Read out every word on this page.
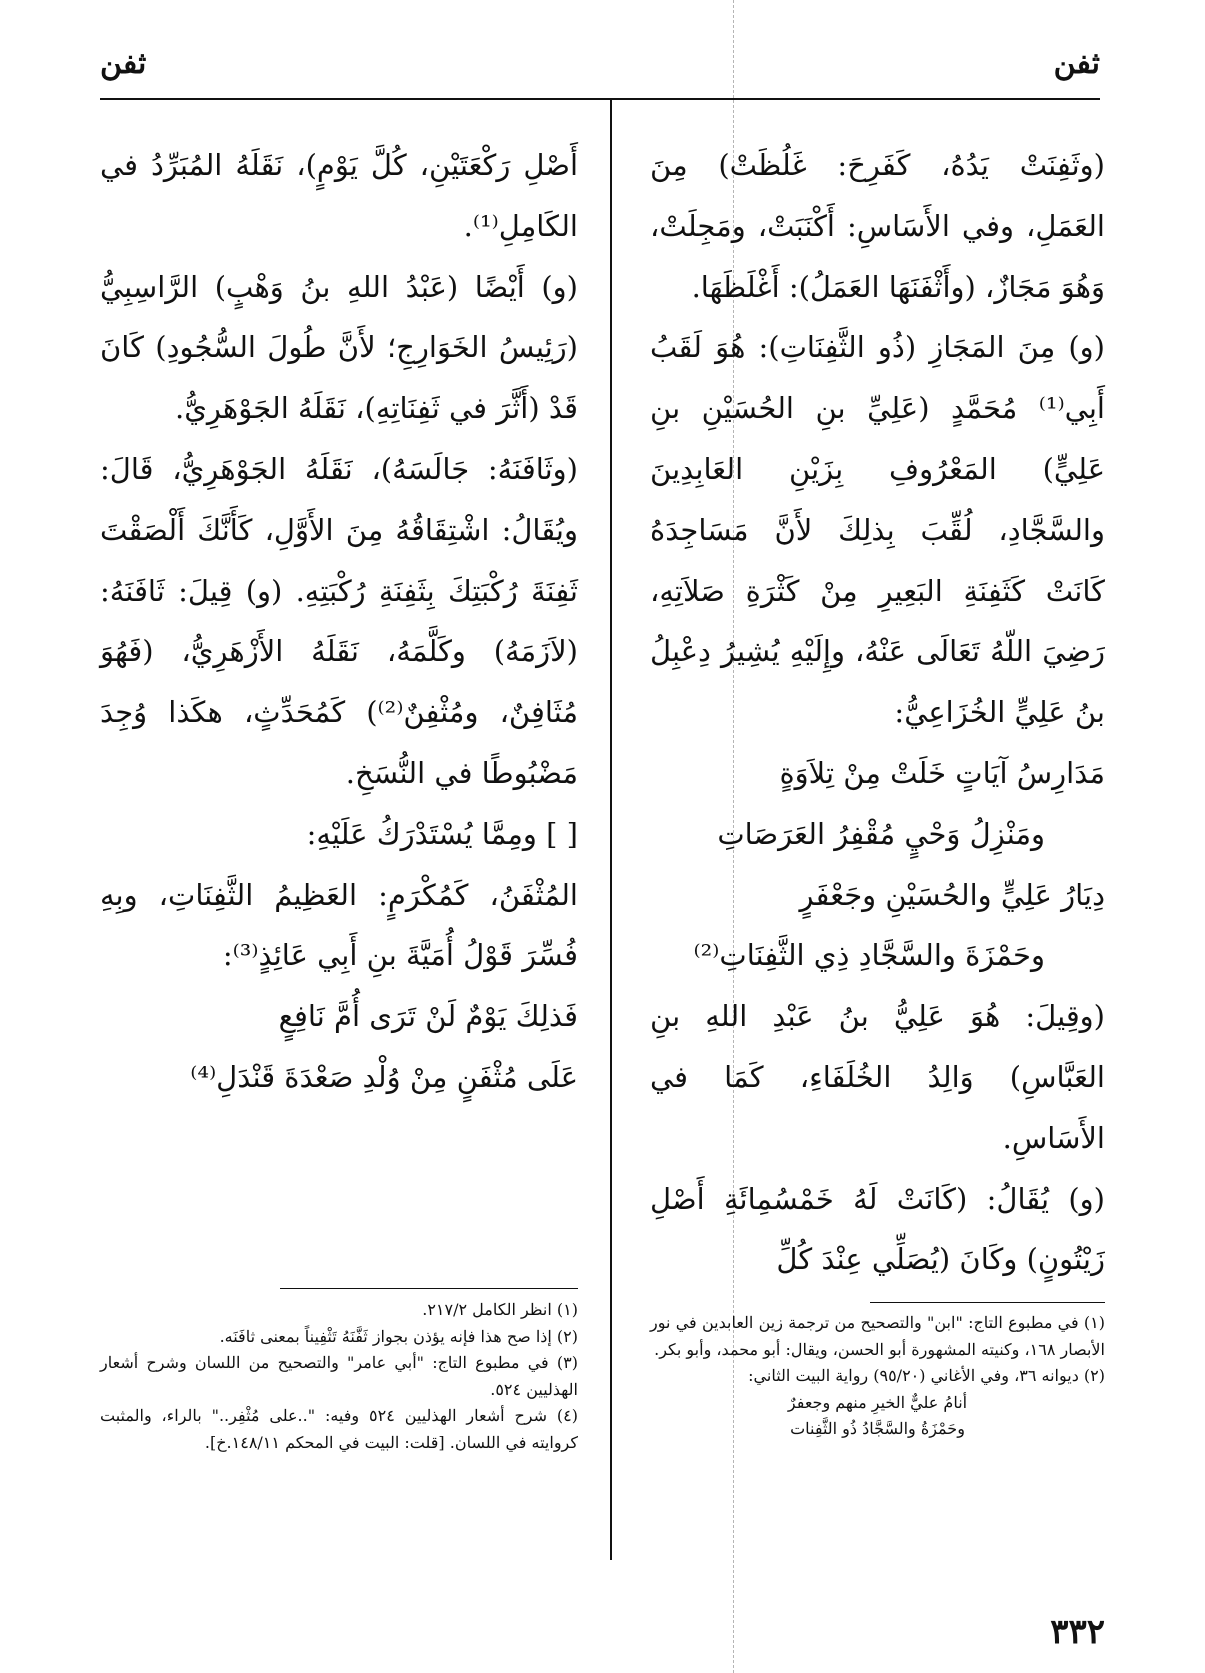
ثفن
ثفن

(وثَفِنَتْ يَدُهُ، كَفَرِحَ: غَلُظَتْ) مِنَ العَمَلِ، وفي الأَسَاسِ: أَكْنَبَتْ، ومَجِلَتْ، وَهُوَ مَجَازٌ، (وأَثْفَنَهَا العَمَلُ): أَغْلَظَهَا.

(و) مِنَ المَجَازِ (ذُو الثَّفِنَاتِ): هُوَ لَقَبُ أَبِي⁽¹⁾ مُحَمَّدٍ (عَلِيِّ بنِ الحُسَيْنِ بنِ عَلِيٍّ) المَعْرُوفِ بِزَيْنِ العَابِدِينَ والسَّجَّادِ، لُقِّبَ بِذلِكَ لأَنَّ مَسَاجِدَهُ كَانَتْ كَثَفِنَةِ البَعِيرِ مِنْ كَثْرَةِ صَلاَتِهِ، رَضِيَ اللّهُ تَعَالَى عَنْهُ، وإِلَيْهِ يُشِيرُ دِعْبِلُ بنُ عَلِيٍّ الخُزَاعِيُّ:

مَدَارِسُ آيَاتٍ خَلَتْ مِنْ تِلاَوَةٍ

ومَنْزِلُ وَحْيٍ مُقْفِرُ العَرَصَاتِ

دِيَارُ عَلِيٍّ والحُسَيْنِ وجَعْفَرٍ

وحَمْزَةَ والسَّجَّادِ ذِي الثَّفِنَاتِ⁽²⁾

(وقِيلَ: هُوَ عَلِيُّ بنُ عَبْدِ اللهِ بنِ العَبَّاسِ) وَالِدُ الخُلَفَاءِ، كَمَا في الأَسَاسِ.

(و) يُقَالُ: (كَانَتْ لَهُ خَمْسُمِائَةِ أَصْلِ زَيْتُونٍ) وكَانَ (يُصَلِّي عِنْدَ كُلِّ

أَصْلِ رَكْعَتَيْنِ، كُلَّ يَوْمٍ)، نَقَلَهُ المُبَرِّدُ في الكَامِلِ⁽¹⁾.

(و) أَيْضًا (عَبْدُ اللهِ بنُ وَهْبٍ) الرَّاسِبِيُّ (رَئِيسُ الخَوَارِجِ؛ لأَنَّ طُولَ السُّجُودِ) كَانَ قَدْ (أَثَّرَ في ثَفِنَاتِهِ)، نَقَلَهُ الجَوْهَرِيُّ.

(وثَافَنَهُ: جَالَسَهُ)، نَقَلَهُ الجَوْهَرِيُّ، قَالَ: ويُقَالُ: اشْتِقَاقُهُ مِنَ الأَوَّلِ، كَأَنَّكَ أَلْصَقْتَ ثَفِنَةَ رُكْبَتِكَ بِثَفِنَةِ رُكْبَتِهِ. (و) قِيلَ: ثَافَنَهُ: (لاَزَمَهُ) وكَلَّمَهُ، نَقَلَهُ الأَزْهَرِيُّ، (فَهُوَ مُثَافِنٌ، ومُثْفِنٌ⁽²⁾) كَمُحَدِّثٍ، هكَذا وُجِدَ مَضْبُوطًا في النُّسَخِ.

[ ] ومِمَّا يُسْتَدْرَكُ عَلَيْهِ:

المُثْفَنُ، كَمُكْرَمٍ: العَظِيمُ الثَّفِنَاتِ، وبِهِ فُسِّرَ قَوْلُ أُمَيَّةَ بنِ أَبِي عَائِذٍ⁽³⁾:

فَذلِكَ يَوْمٌ لَنْ تَرَى أُمَّ نَافِعٍ

عَلَى مُثْفَنٍ مِنْ وُلْدِ صَعْدَةَ قَنْدَلِ⁽⁴⁾

(١) في مطبوع التاج: "ابن" والتصحيح من ترجمة زين العابدين في نور الأبصار ١٦٨، وكنيته المشهورة أبو الحسن، ويقال: أبو محمد، وأبو بكر.

(٢) ديوانه ٣٦، وفي الأغاني (٩٥/٢٠) رواية البيت الثاني:

أنامُ عليٌّ الخيرِ منهم وجعفرٌ

وحَمْزَةُ والسَّجَّادُ ذُو الثَّفِنات

(١) انظر الكامل ٢١٧/٢.

(٢) إذا صح هذا فإنه يؤذن بجواز ثَفَّنَهُ تَثْفِيناً بمعنى ثافَنَه.

(٣) في مطبوع التاج: "أبي عامر" والتصحيح من اللسان وشرح أشعار الهذليين ٥٢٤.

(٤) شرح أشعار الهذليين ٥٢٤ وفيه: "..على مُثْفِر.." بالراء، والمثبت كروايته في اللسان. [قلت: البيت في المحكم ١٤٨/١١.خ].

٣٣٢
